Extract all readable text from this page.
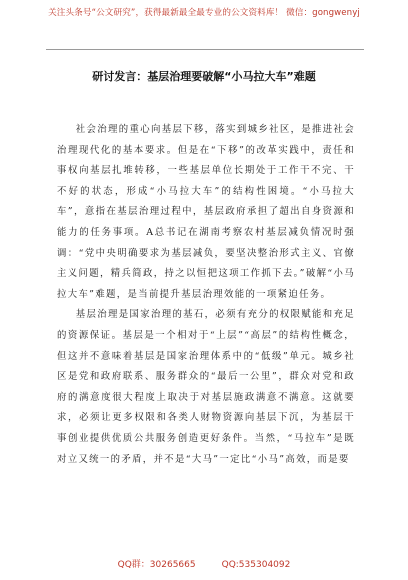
关注头条号“公文研究”，获得最新最全最专业的公文资料库！ 微信：gongwenyj
研讨发言：基层治理要破解“小马拉大车”难题

社会治理的重心向基层下移，落实到城乡社区，是推进社会治理现代化的基本要求。但是在“下移”的改革实践中，责任和事权向基层扎堆转移，一些基层单位长期处于工作干不完、干不好的状态，形成“小马拉大车”的结构性困境。“小马拉大车”，意指在基层治理过程中，基层政府承担了超出自身资源和能力的任务事项。A总书记在湖南考察农村基层减负情况时强调：“党中央明确要求为基层减负，要坚决整治形式主义、官僚主义问题，精兵简政，持之以恒把这项工作抓下去。”破解“小马拉大车”难题，是当前提升基层治理效能的一项紧迫任务。

基层治理是国家治理的基石，必须有充分的权限赋能和充足的资源保证。基层是一个相对于“上层”“高层”的结构性概念，但这并不意味着基层是国家治理体系中的“低级”单元。城乡社区是党和政府联系、服务群众的“最后一公里”，群众对党和政府的满意度很大程度上取决于对基层施政满意不满意。这就要求，必须让更多权限和各类人财物资源向基层下沉，为基层干事创业提供优质公共服务创造更好条件。当然，“马拉车”是既对立又统一的矛盾，并不是“大马”一定比“小马”高效，而是要

QQ群：30265665	QQ:535304092
